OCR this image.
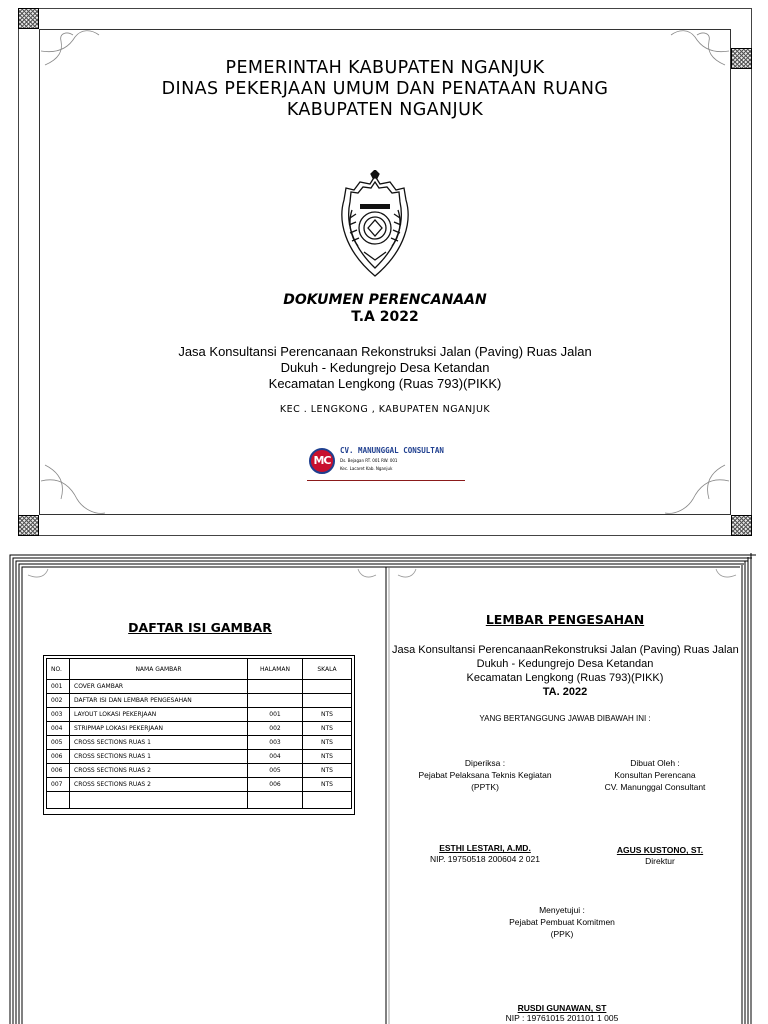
PEMERINTAH KABUPATEN NGANJUK
DINAS PEKERJAAN UMUM DAN PENATAAN RUANG
KABUPATEN NGANJUK
DOKUMEN PERENCANAAN
T.A 2022
Jasa Konsultansi Perencanaan Rekonstruksi Jalan (Paving) Ruas Jalan
Dukuh - Kedungrejo Desa Ketandan
Kecamatan Lengkong (Ruas 793)(PIKK)
KEC . LENGKONG , KABUPATEN NGANJUK
MC
CV. MANUNGGAL CONSULTAN
Ds. Bejagan RT. 001 RW. 001
Kec. Lacaret Kab. Nganjuk
DAFTAR ISI GAMBAR
NO.	NAMA GAMBAR	HALAMAN	SKALA
001	COVER GAMBAR		
002	DAFTAR ISI DAN LEMBAR PENGESAHAN		
003	LAYOUT LOKASI PEKERJAAN	001	NTS
004	STRIPMAP LOKASI PEKERJAAN	002	NTS
005	CROSS SECTIONS RUAS 1	003	NTS
006	CROSS SECTIONS RUAS 1	004	NTS
006	CROSS SECTIONS RUAS 2	005	NTS
007	CROSS SECTIONS RUAS 2	006	NTS

LEMBAR PENGESAHAN
Jasa Konsultansi PerencanaanRekonstruksi Jalan (Paving) Ruas Jalan
Dukuh - Kedungrejo Desa Ketandan
Kecamatan Lengkong (Ruas 793)(PIKK)
TA. 2022
YANG BERTANGGUNG JAWAB DIBAWAH INI :
Diperiksa :
Pejabat Pelaksana Teknis Kegiatan
(PPTK)
ESTHI LESTARI, A.MD.
NIP. 19750518 200604 2 021
Dibuat Oleh :
Konsultan Perencana
CV. Manunggal Consultant
AGUS KUSTONO, ST.
Direktur
Menyetujui :
Pejabat Pembuat Komitmen
(PPK)
RUSDI GUNAWAN, ST
NIP : 19761015 201101 1 005
